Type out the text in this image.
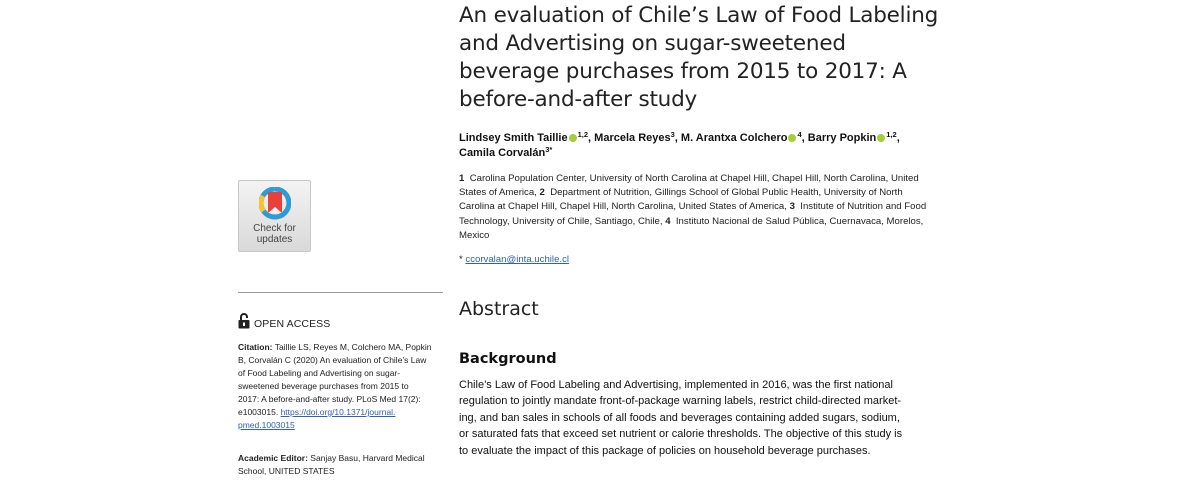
An evaluation of Chile’s Law of Food Labeling
and Advertising on sugar-sweetened
beverage purchases from 2015 to 2017: A
before-and-after study
Lindsey Smith Taillie $^{1,2}$, Marcela Reyes$^3$, M. Arantxa Colchero $^4$, Barry Popkin $^{1,2}$,
Camila Corvalán$^{3*}$
1 Carolina Population Center, University of North Carolina at Chapel Hill, Chapel Hill, North Carolina, United
States of America, 2 Department of Nutrition, Gillings School of Global Public Health, University of North
Carolina at Chapel Hill, Chapel Hill, North Carolina, United States of America, 3 Institute of Nutrition and Food
Technology, University of Chile, Santiago, Chile, 4 Instituto Nacional de Salud Pública, Cuernavaca, Morelos,
Mexico
* ccorvalan@inta.uchile.cl
Abstract
Background
Chile’s Law of Food Labeling and Advertising, implemented in 2016, was the first national
regulation to jointly mandate front-of-package warning labels, restrict child-directed market-
ing, and ban sales in schools of all foods and beverages containing added sugars, sodium,
or saturated fats that exceed set nutrient or calorie thresholds. The objective of this study is
to evaluate the impact of this package of policies on household beverage purchases.
Check for
updates
OPEN ACCESS
Citation: Taillie LS, Reyes M, Colchero MA, Popkin
B, Corvalán C (2020) An evaluation of Chile’s Law
of Food Labeling and Advertising on sugar-
sweetened beverage purchases from 2015 to
2017: A before-and-after study. PLoS Med 17(2):
e1003015. https://doi.org/10.1371/journal.
pmed.1003015
Academic Editor: Sanjay Basu, Harvard Medical
School, UNITED STATES
